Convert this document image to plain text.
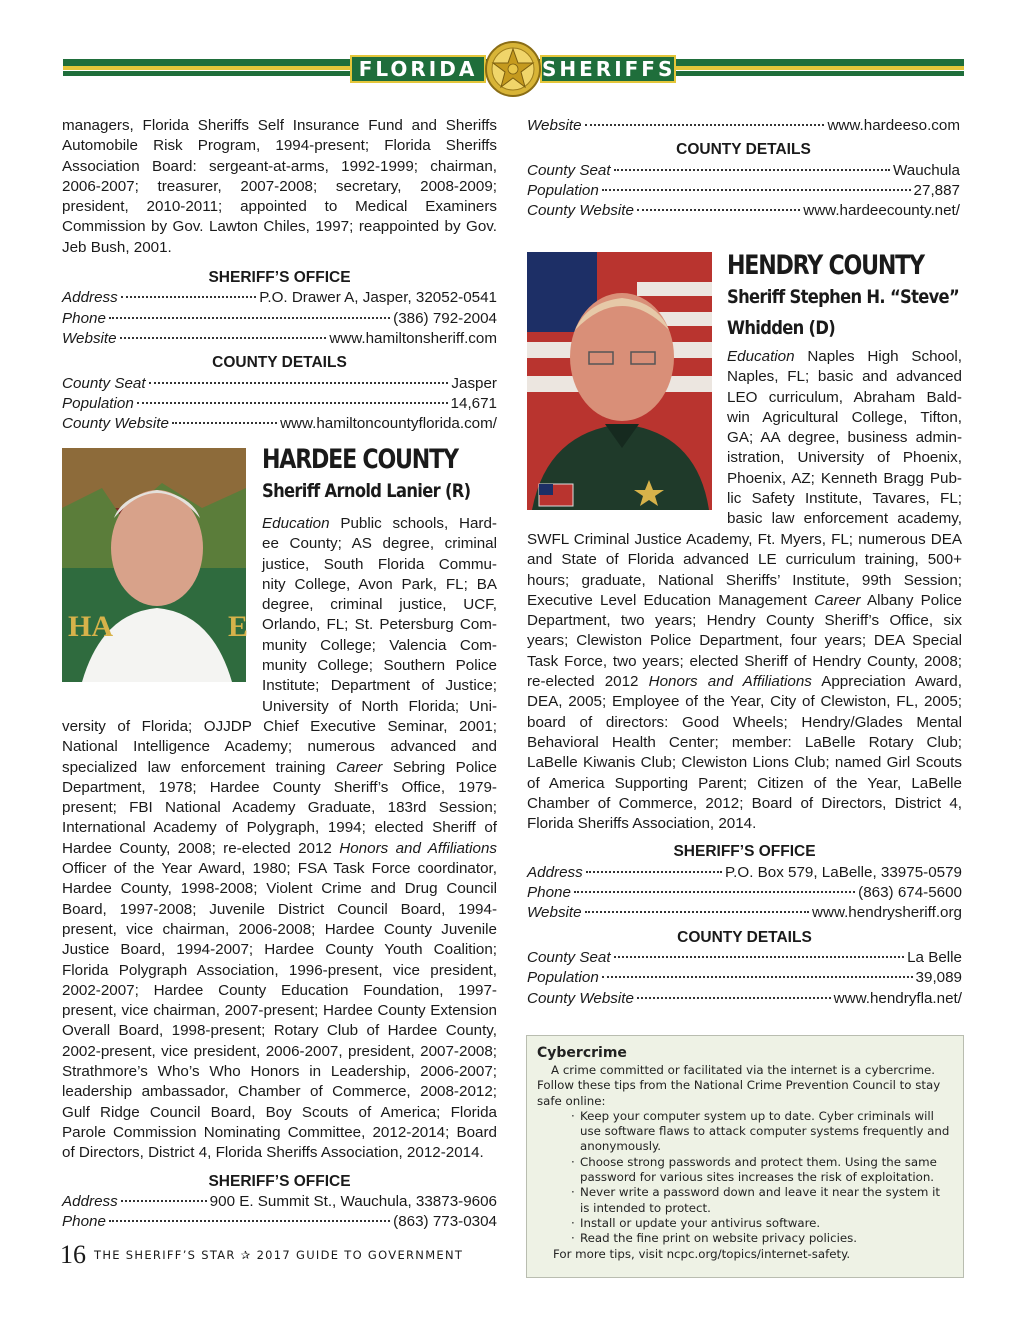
FLORIDA	SHERIFFS
managers, Florida Sheriffs Self Insurance Fund and Sheriffs Automobile Risk Program, 1994-present; Florida Sheriffs Association Board: sergeant-at-arms, 1992-1999; chairman, 2006-2007; treasurer, 2007-2008; secretary, 2008-2009; president, 2010-2011; appointed to Medical Examiners Commission by Gov. Lawton Chiles, 1997; reappointed by Gov. Jeb Bush, 2001.
SHERIFF’S OFFICE
Address	P.O. Drawer A, Jasper, 32052-0541
Phone	(386) 792-2004
Website	www.hamiltonsheriff.com
COUNTY DETAILS
County Seat	Jasper
Population	14,671
County Website	www.hamiltoncountyflorida.com/
HA	E
HARDEE COUNTY
Sheriff Arnold Lanier (R)
Education Public schools, Hard-
ee County; AS degree, criminal
justice, South Florida Commu-
nity College, Avon Park, FL; BA
degree, criminal justice, UCF,
Orlando, FL; St. Petersburg Com-
munity College; Valencia Com-
munity College; Southern Police
Institute; Department of Justice;
University of North Florida; Uni-
versity of Florida; OJJDP Chief Executive Seminar, 2001; National Intelligence Academy; numerous advanced and specialized law enforcement training Career Sebring Police Department, 1978; Hardee County Sheriff’s Office, 1979-present; FBI National Academy Graduate, 183rd Session; International Academy of Polygraph, 1994; elected Sheriff of Hardee County, 2008; re-elected 2012 Honors and Affiliations Officer of the Year Award, 1980; FSA Task Force coordinator, Hardee County, 1998-2008; Violent Crime and Drug Council Board, 1997-2008; Juvenile District Council Board, 1994-present, vice chairman, 2006-2008; Hardee County Juvenile Justice Board, 1994-2007; Hardee County Youth Coalition; Florida Polygraph Association, 1996-present, vice president, 2002-2007; Hardee County Education Foundation, 1997-present, vice chairman, 2007-present; Hardee County Extension Overall Board, 1998-present; Rotary Club of Hardee County, 2002-present, vice president, 2006-2007, president, 2007-2008; Strathmore’s Who’s Who Honors in Leadership, 2006-2007; leadership ambassador, Chamber of Commerce, 2008-2012; Gulf Ridge Council Board, Boy Scouts of America; Florida Parole Commission Nominating Committee, 2012-2014; Board of Directors, District 4, Florida Sheriffs Association, 2012-2014.
SHERIFF’S OFFICE
Address	900 E. Summit St., Wauchula, 33873-9606
Phone	(863) 773-0304
16 THE SHERIFF’S STAR ✰ 2017 GUIDE TO GOVERNMENT
Website	www.hardeeso.com
COUNTY DETAILS
County Seat	Wauchula
Population	27,887
County Website	www.hardeecounty.net/
HENDRY COUNTY
Sheriff Stephen H. “Steve”
Whidden (D)
Education Naples High School,
Naples, FL; basic and advanced
LEO curriculum, Abraham Bald-
win Agricultural College, Tifton,
GA; AA degree, business admin-
istration, University of Phoenix,
Phoenix, AZ; Kenneth Bragg Pub-
lic Safety Institute, Tavares, FL;
basic law enforcement academy,
SWFL Criminal Justice Academy, Ft. Myers, FL; numerous DEA and State of Florida advanced LE curriculum training, 500+ hours; graduate, National Sheriffs’ Institute, 99th Session; Executive Level Education Management Career Albany Police Department, two years; Hendry County Sheriff’s Office, six years; Clewiston Police Department, four years; DEA Special Task Force, two years; elected Sheriff of Hendry County, 2008; re-elected 2012 Honors and Affiliations Appreciation Award, DEA, 2005; Employee of the Year, City of Clewiston, FL, 2005; board of directors: Good Wheels; Hendry/Glades Mental Behavioral Health Center; member: LaBelle Rotary Club; LaBelle Kiwanis Club; Clewiston Lions Club; named Girl Scouts of America Supporting Parent; Citizen of the Year, LaBelle Chamber of Commerce, 2012; Board of Directors, District 4, Florida Sheriffs Association, 2014.
SHERIFF’S OFFICE
Address	P.O. Box 579, LaBelle, 33975-0579
Phone	(863) 674-5600
Website	www.hendrysheriff.org
COUNTY DETAILS
County Seat	La Belle
Population	39,089
County Website	www.hendryfla.net/
Cybercrime
A crime committed or facilitated via the internet is a cybercrime.
Follow these tips from the National Crime Prevention Council to stay safe online:
· Keep your computer system up to date. Cyber criminals will use software flaws to attack computer systems frequently and anonymously.
· Choose strong passwords and protect them. Using the same password for various sites increases the risk of exploitation.
· Never write a password down and leave it near the system it is intended to protect.
· Install or update your antivirus software.
· Read the fine print on website privacy policies.
For more tips, visit ncpc.org/topics/internet-safety.
